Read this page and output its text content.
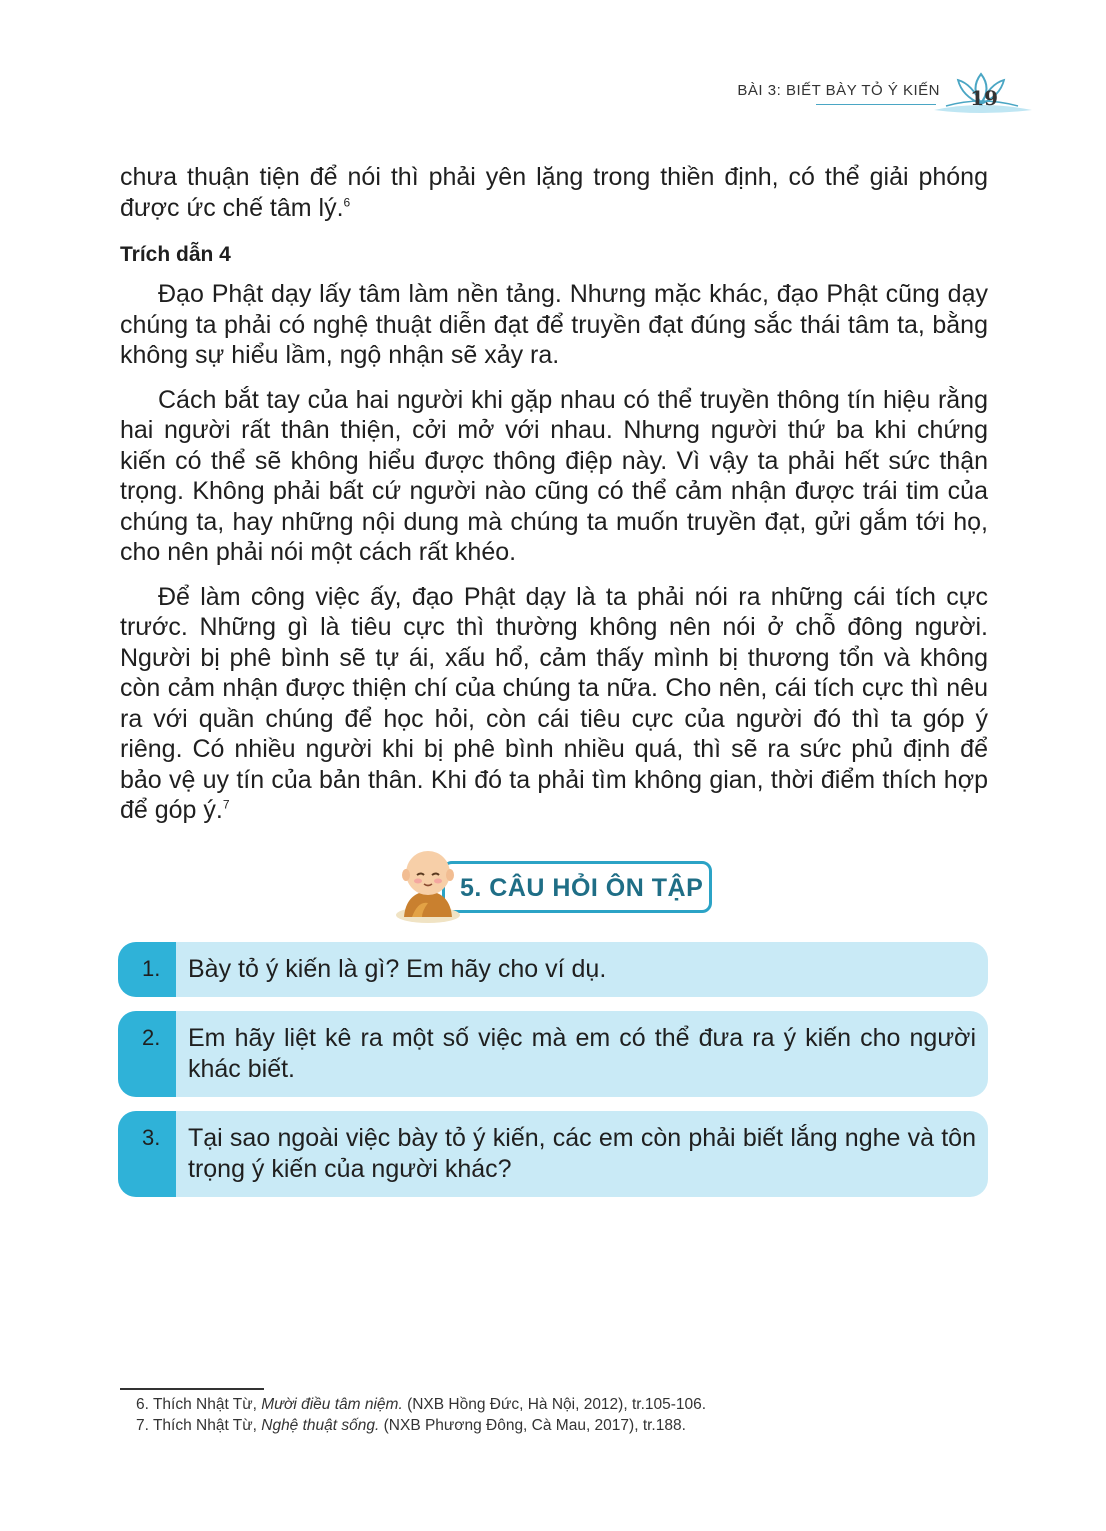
BÀI 3: BIẾT BÀY TỎ Ý KIẾN 19

chưa thuận tiện để nói thì phải yên lặng trong thiền định, có thể giải phóng được ức chế tâm lý.$^6$

Trích dẫn 4

Đạo Phật dạy lấy tâm làm nền tảng. Nhưng mặc khác, đạo Phật cũng dạy chúng ta phải có nghệ thuật diễn đạt để truyền đạt đúng sắc thái tâm ta, bằng không sự hiểu lầm, ngộ nhận sẽ xảy ra.

Cách bắt tay của hai người khi gặp nhau có thể truyền thông tín hiệu rằng hai người rất thân thiện, cởi mở với nhau. Nhưng người thứ ba khi chứng kiến có thể sẽ không hiểu được thông điệp này. Vì vậy ta phải hết sức thận trọng. Không phải bất cứ người nào cũng có thể cảm nhận được trái tim của chúng ta, hay những nội dung mà chúng ta muốn truyền đạt, gửi gắm tới họ, cho nên phải nói một cách rất khéo.

Để làm công việc ấy, đạo Phật dạy là ta phải nói ra những cái tích cực trước. Những gì là tiêu cực thì thường không nên nói ở chỗ đông người. Người bị phê bình sẽ tự ái, xấu hổ, cảm thấy mình bị thương tổn và không còn cảm nhận được thiện chí của chúng ta nữa. Cho nên, cái tích cực thì nêu ra với quần chúng để học hỏi, còn cái tiêu cực của người đó thì ta góp ý riêng. Có nhiều người khi bị phê bình nhiều quá, thì sẽ ra sức phủ định để bảo vệ uy tín của bản thân. Khi đó ta phải tìm không gian, thời điểm thích hợp để góp ý.$^7$

5. CÂU HỎI ÔN TẬP
1.	Bày tỏ ý kiến là gì? Em hãy cho ví dụ.
2.	Em hãy liệt kê ra một số việc mà em có thể đưa ra ý kiến cho người khác biết.
3.	Tại sao ngoài việc bày tỏ ý kiến, các em còn phải biết lắng nghe và tôn trọng ý kiến của người khác?
6. Thích Nhật Từ, Mười điều tâm niệm. (NXB Hồng Đức, Hà Nội, 2012), tr.105-106.
7. Thích Nhật Từ, Nghệ thuật sống. (NXB Phương Đông, Cà Mau, 2017), tr.188.
